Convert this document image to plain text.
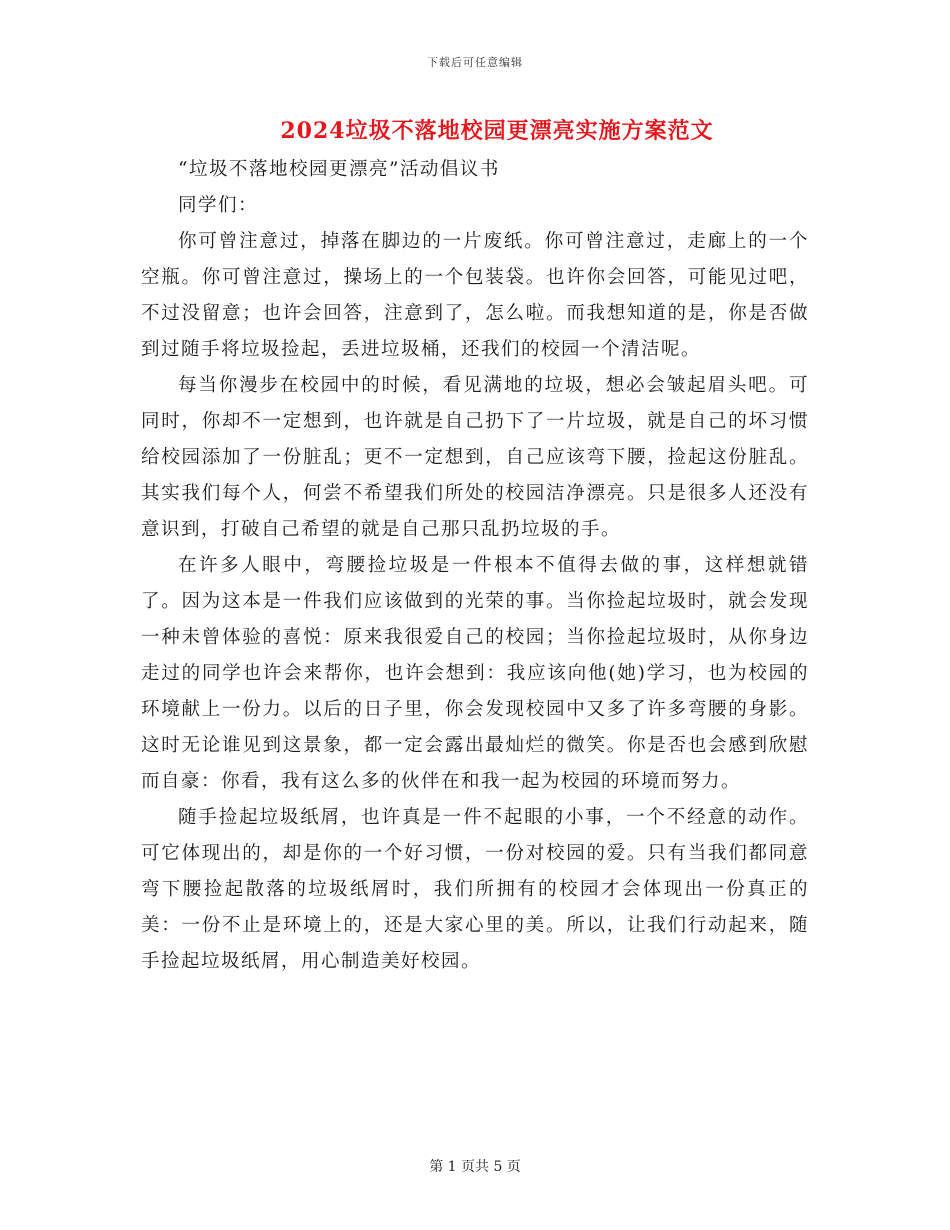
下载后可任意编辑
2024垃圾不落地校园更漂亮实施方案范文

“垃圾不落地校园更漂亮”活动倡议书

同学们：

你可曾注意过，掉落在脚边的一片废纸。你可曾注意过，走廊上的一个空瓶。你可曾注意过，操场上的一个包装袋。也许你会回答，可能见过吧，不过没留意；也许会回答，注意到了，怎么啦。而我想知道的是，你是否做到过随手将垃圾捡起，丢进垃圾桶，还我们的校园一个清洁呢。

每当你漫步在校园中的时候，看见满地的垃圾，想必会皱起眉头吧。可同时，你却不一定想到，也许就是自己扔下了一片垃圾，就是自己的坏习惯给校园添加了一份脏乱；更不一定想到，自己应该弯下腰，捡起这份脏乱。其实我们每个人，何尝不希望我们所处的校园洁净漂亮。只是很多人还没有意识到，打破自己希望的就是自己那只乱扔垃圾的手。

在许多人眼中，弯腰捡垃圾是一件根本不值得去做的事，这样想就错了。因为这本是一件我们应该做到的光荣的事。当你捡起垃圾时，就会发现一种未曾体验的喜悦：原来我很爱自己的校园；当你捡起垃圾时，从你身边走过的同学也许会来帮你，也许会想到：我应该向他(她)学习，也为校园的环境献上一份力。以后的日子里，你会发现校园中又多了许多弯腰的身影。这时无论谁见到这景象，都一定会露出最灿烂的微笑。你是否也会感到欣慰而自豪：你看，我有这么多的伙伴在和我一起为校园的环境而努力。

随手捡起垃圾纸屑，也许真是一件不起眼的小事，一个不经意的动作。可它体现出的，却是你的一个好习惯，一份对校园的爱。只有当我们都同意弯下腰捡起散落的垃圾纸屑时，我们所拥有的校园才会体现出一份真正的美：一份不止是环境上的，还是大家心里的美。所以，让我们行动起来，随手捡起垃圾纸屑，用心制造美好校园。

第 1 页共 5 页
